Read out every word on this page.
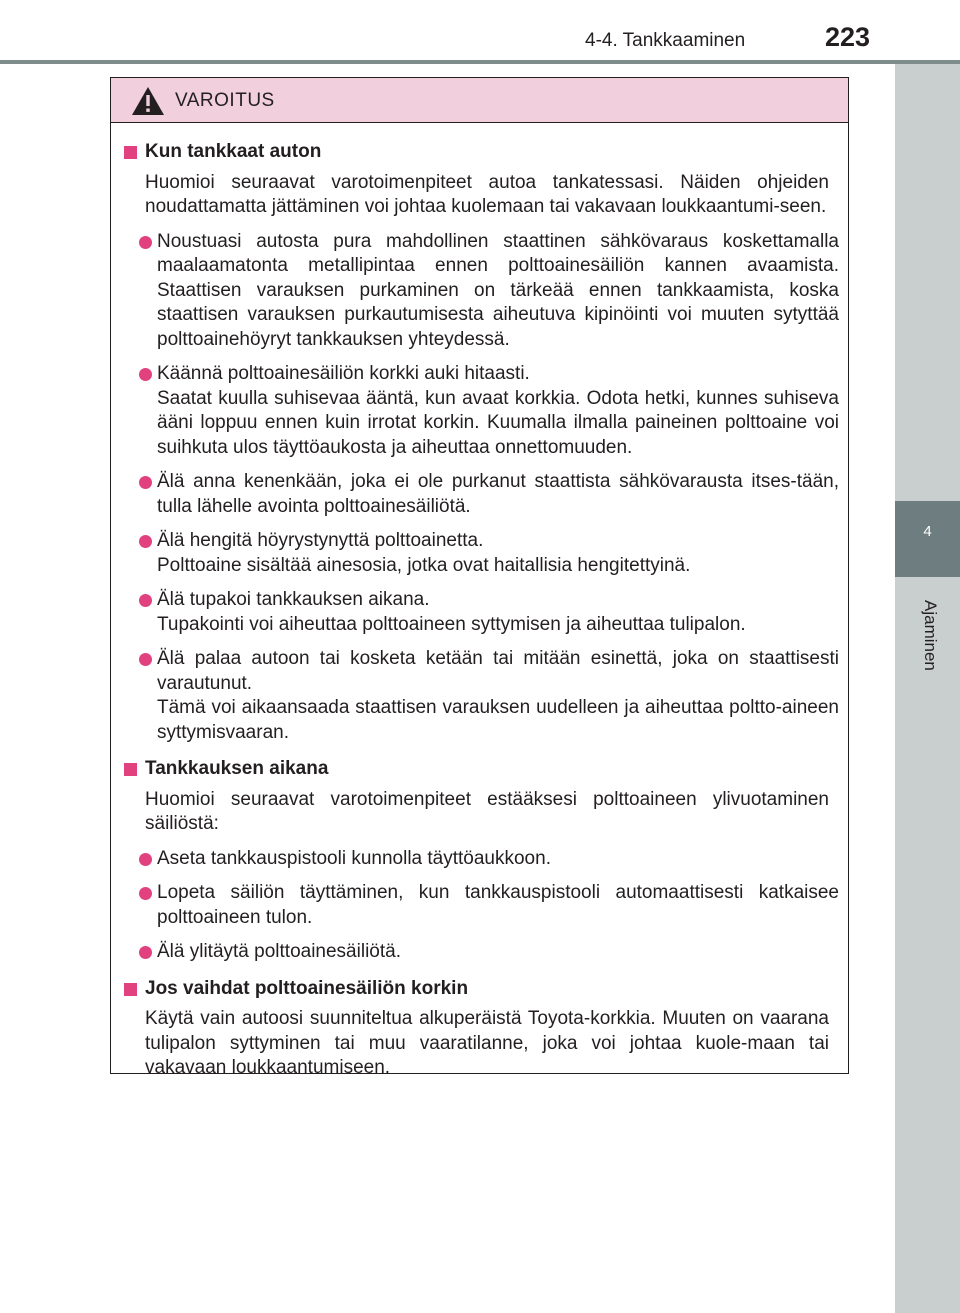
4-4. Tankkaaminen	223
4
Ajaminen
VAROITUS
Kun tankkaat auton
Huomioi seuraavat varotoimenpiteet autoa tankatessasi. Näiden ohjeiden noudattamatta jättäminen voi johtaa kuolemaan tai vakavaan loukkaantumi-seen.

Noustuasi autosta pura mahdollinen staattinen sähkövaraus koskettamalla maalaamatonta metallipintaa ennen polttoainesäiliön kannen avaamista. Staattisen varauksen purkaminen on tärkeää ennen tankkaamista, koska staattisen varauksen purkautumisesta aiheutuva kipinöinti voi muuten sytyttää polttoainehöyryt tankkauksen yhteydessä.

Käännä polttoainesäiliön korkki auki hitaasti.

Saatat kuulla suhisevaa ääntä, kun avaat korkkia. Odota hetki, kunnes suhiseva ääni loppuu ennen kuin irrotat korkin. Kuumalla ilmalla paineinen polttoaine voi suihkuta ulos täyttöaukosta ja aiheuttaa onnettomuuden.

Älä anna kenenkään, joka ei ole purkanut staattista sähkövarausta itses-tään, tulla lähelle avointa polttoainesäiliötä.

Älä hengitä höyrystynyttä polttoainetta.

Polttoaine sisältää ainesosia, jotka ovat haitallisia hengitettyinä.

Älä tupakoi tankkauksen aikana.

Tupakointi voi aiheuttaa polttoaineen syttymisen ja aiheuttaa tulipalon.

Älä palaa autoon tai kosketa ketään tai mitään esinettä, joka on staattisesti varautunut.

Tämä voi aikaansaada staattisen varauksen uudelleen ja aiheuttaa poltto-aineen syttymisvaaran.

Tankkauksen aikana
Huomioi seuraavat varotoimenpiteet estääksesi polttoaineen ylivuotaminen säiliöstä:

Aseta tankkauspistooli kunnolla täyttöaukkoon.

Lopeta säiliön täyttäminen, kun tankkauspistooli automaattisesti katkaisee polttoaineen tulon.

Älä ylitäytä polttoainesäiliötä.

Jos vaihdat polttoainesäiliön korkin
Käytä vain autoosi suunniteltua alkuperäistä Toyota-korkkia. Muuten on vaarana tulipalon syttyminen tai muu vaaratilanne, joka voi johtaa kuole-maan tai vakavaan loukkaantumiseen.
